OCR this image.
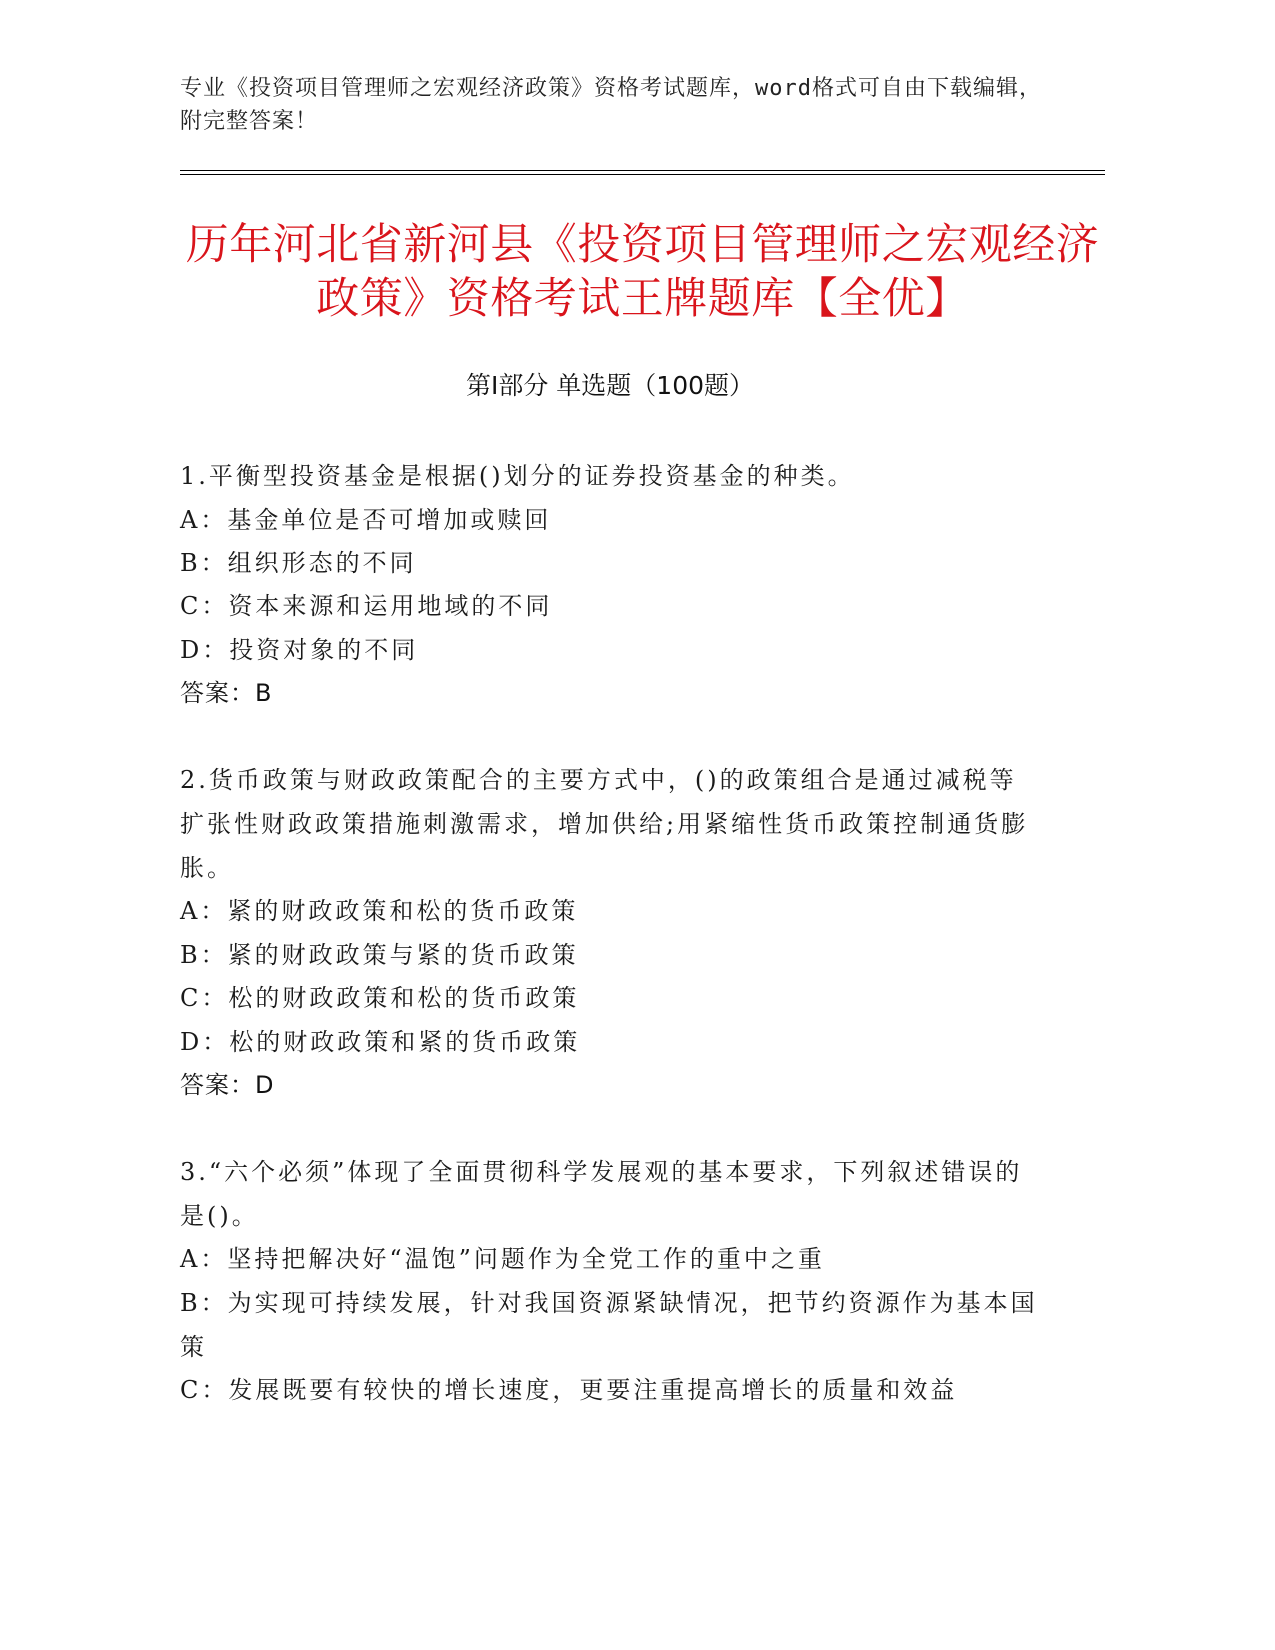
专业《投资项目管理师之宏观经济政策》资格考试题库，word格式可自由下载编辑，附完整答案！
历年河北省新河县《投资项目管理师之宏观经济政策》资格考试王牌题库【全优】
第Ⅰ部分 单选题（100题）
1.平衡型投资基金是根据()划分的证券投资基金的种类。
A：基金单位是否可增加或赎回
B：组织形态的不同
C：资本来源和运用地域的不同
D：投资对象的不同
答案：B
2.货币政策与财政政策配合的主要方式中，()的政策组合是通过减税等扩张性财政政策措施刺激需求，增加供给;用紧缩性货币政策控制通货膨胀。
A：紧的财政政策和松的货币政策
B：紧的财政政策与紧的货币政策
C：松的财政政策和松的货币政策
D：松的财政政策和紧的货币政策
答案：D
3.“六个必须”体现了全面贯彻科学发展观的基本要求，下列叙述错误的是()。
A：坚持把解决好“温饱”问题作为全党工作的重中之重
B：为实现可持续发展，针对我国资源紧缺情况，把节约资源作为基本国策
C：发展既要有较快的增长速度，更要注重提高增长的质量和效益
